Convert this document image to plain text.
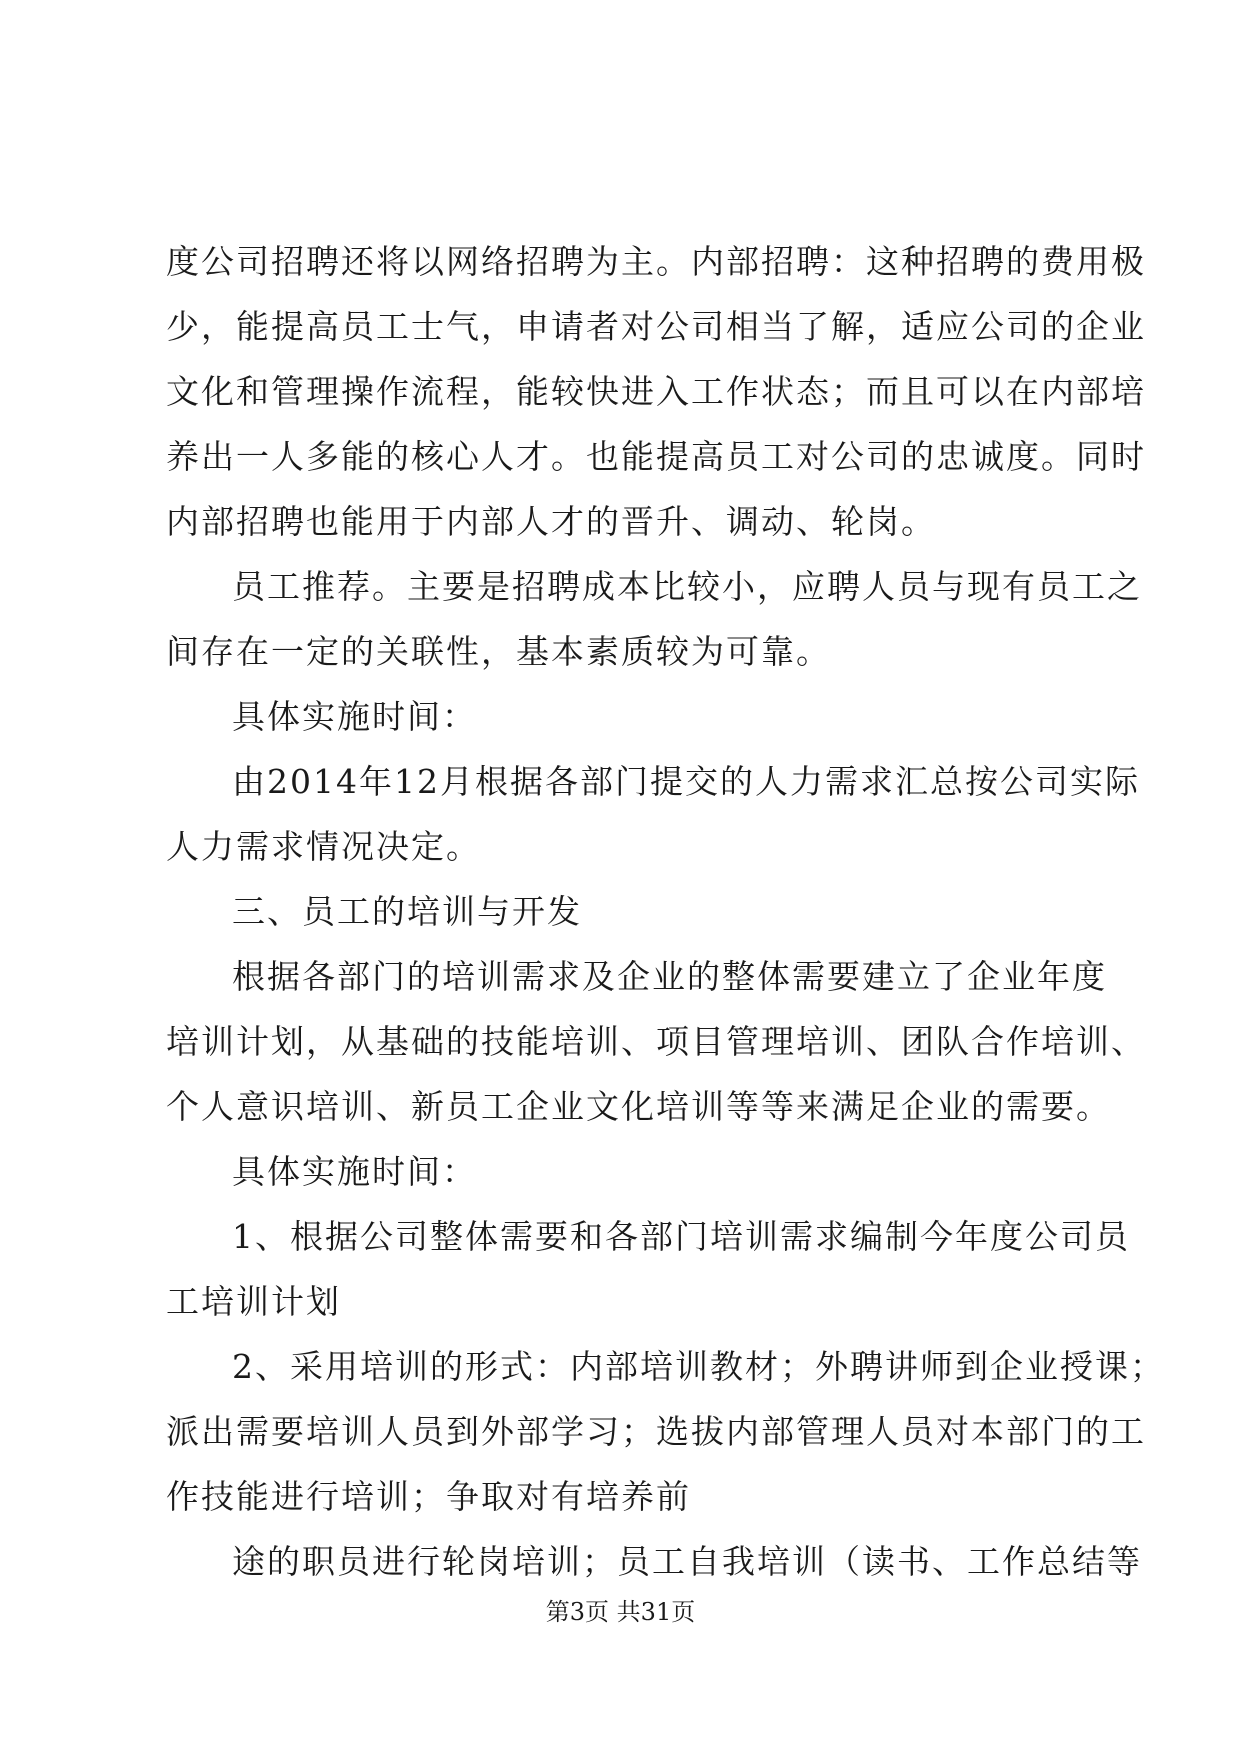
度公司招聘还将以网络招聘为主。内部招聘：这种招聘的费用极
少，能提高员工士气，申请者对公司相当了解，适应公司的企业
文化和管理操作流程，能较快进入工作状态；而且可以在内部培
养出一人多能的核心人才。也能提高员工对公司的忠诚度。同时
内部招聘也能用于内部人才的晋升、调动、轮岗。
员工推荐。主要是招聘成本比较小，应聘人员与现有员工之
间存在一定的关联性，基本素质较为可靠。
具体实施时间：
由2014年12月根据各部门提交的人力需求汇总按公司实际
人力需求情况决定。
三、员工的培训与开发
根据各部门的培训需求及企业的整体需要建立了企业年度
培训计划，从基础的技能培训、项目管理培训、团队合作培训、
个人意识培训、新员工企业文化培训等等来满足企业的需要。
具体实施时间：
1、根据公司整体需要和各部门培训需求编制今年度公司员
工培训计划
2、采用培训的形式：内部培训教材；外聘讲师到企业授课；
派出需要培训人员到外部学习；选拔内部管理人员对本部门的工
作技能进行培训；争取对有培养前
途的职员进行轮岗培训；员工自我培训（读书、工作总结等
第3页 共31页
